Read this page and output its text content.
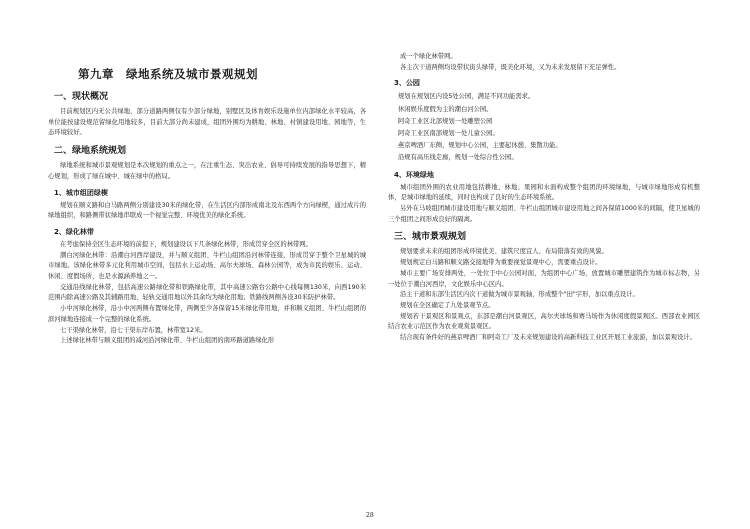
第九章　绿地系统及城市景观规划
一、现状概况

目前规划区内无公共绿地，部分道路两侧仅有少部分绿地，别墅区及体育娱乐设施单位内部绿化水平较高，各单位能按建设规范留绿化用地较多，目前大部分尚未建成，组团外围均为耕地、林地、村镇建设用地、园地等，生态环境较好。

二、绿地系统规划

绿地系统和城市景观规划是本次规划的重点之一，在注重生态、突出农业、倡导可持续发展的指导思想下，精心规划，形成了绿在城中、城在绿中的格局。

1、城市组团绿楔

规划在顺义路和白马路两侧分别建设30米的绿化带，在生活区内部形成南北及东西两个方向绿楔，通过成片的绿地组织，和路侧带状绿地串联成一个视觉完整、环境优美的绿化系统。

2、绿化林带

在考虑保持全区生态环境的前提下，规划建设以下几条绿化林带，形成贯穿全区的林带网。

潮白河绿化林带：沿潮白河西岸建设，并与顺义组团、牛栏山组团沿河林带连接，形成贯穿于整个卫星城的城市绿地。该绿化林带多元化利用城市空间，包括水上运动场、高尔夫球场、森林公园等，成为市民的娱乐、运动、休闲、度假场所，也是水源涵养地之一。

交通沿线绿化林带，包括高速公路绿化带和铁路绿化带，其中高速公路台公路中心线每侧130米，向西190米范围内除高速公路及其辅路用地、轻轨交通用地以外其余均为绿化用地；铁路线两侧各设30米防护林带。

小中河绿化林带，沿小中河两侧布置绿化带，两侧至少各保留15米绿化带用地，并和顺义组团、牛栏山组团的滨河绿地连接成一个完整的绿化系统。

七干渠绿化林带，沿七干渠东岸布置，林带宽12米。

上述绿化林带与顺义组团的减河沿河绿化带、牛栏山组团的南环路道路绿化形

成一个绿化林带网。

各主次干道两侧均设带状街头绿带，既美化环境，又为未来发展留下充足弹性。

3、公园
规划在规划区内设5处公园，满足不同功能需求。
休闲娱乐度假为主的潮白河公园。
阿奇工业区北部规划一处雕塑公园
阿奇工业区南部规划一处儿童公园。
燕京啤酒厂东侧，规划中心公园，主要起休憩、集散功能。
沿规有高压线走廊，规划一处综合性公园。
4、环境绿地

城市组团外围的农业用地包括耕地、林地、果园和水面构成整个组团的环境绿地，与城市绿地形成有机整体，是城市绿地的延续，同时也构成了良好的生态环境系统。

另外在马坡组团城市建设用地与顺义组团、牛栏山组团城市建设用地之间各保留1000米的间隔，使卫星城的三个组团之间形成良好的隔离。

三、城市景观规划

规划要求未来的组团形成环境优美、建筑尺度宜人、布局错落有致的风貌。

规划规定白马路和顺义路交接地带为重要视觉景观中心，需要重点设计。

城市主要广场安排两处，一处位于中心公园对面，为组团中心广场，放置城市雕塑建筑作为城市标志物，另一处位于潮白河西岸，文化娱乐中心区内。

沿主干道和东部生活区内次干道做为城市景观轴，形成整个"田"字形，加以重点设计。

规划在全区确定了九处景观节点。

规划若干景观区和景观点，东部是潮白河景观区，高尔夫球场和赛马场作为休闲度假景观区。西部农业园区结合农业示范区作为农业观赏景观区。

结合现有条件好的燕京啤酒厂和阿奇工厂及未来规划建设的高新科技工业区开展工业旅游，加以景观设计。

28
